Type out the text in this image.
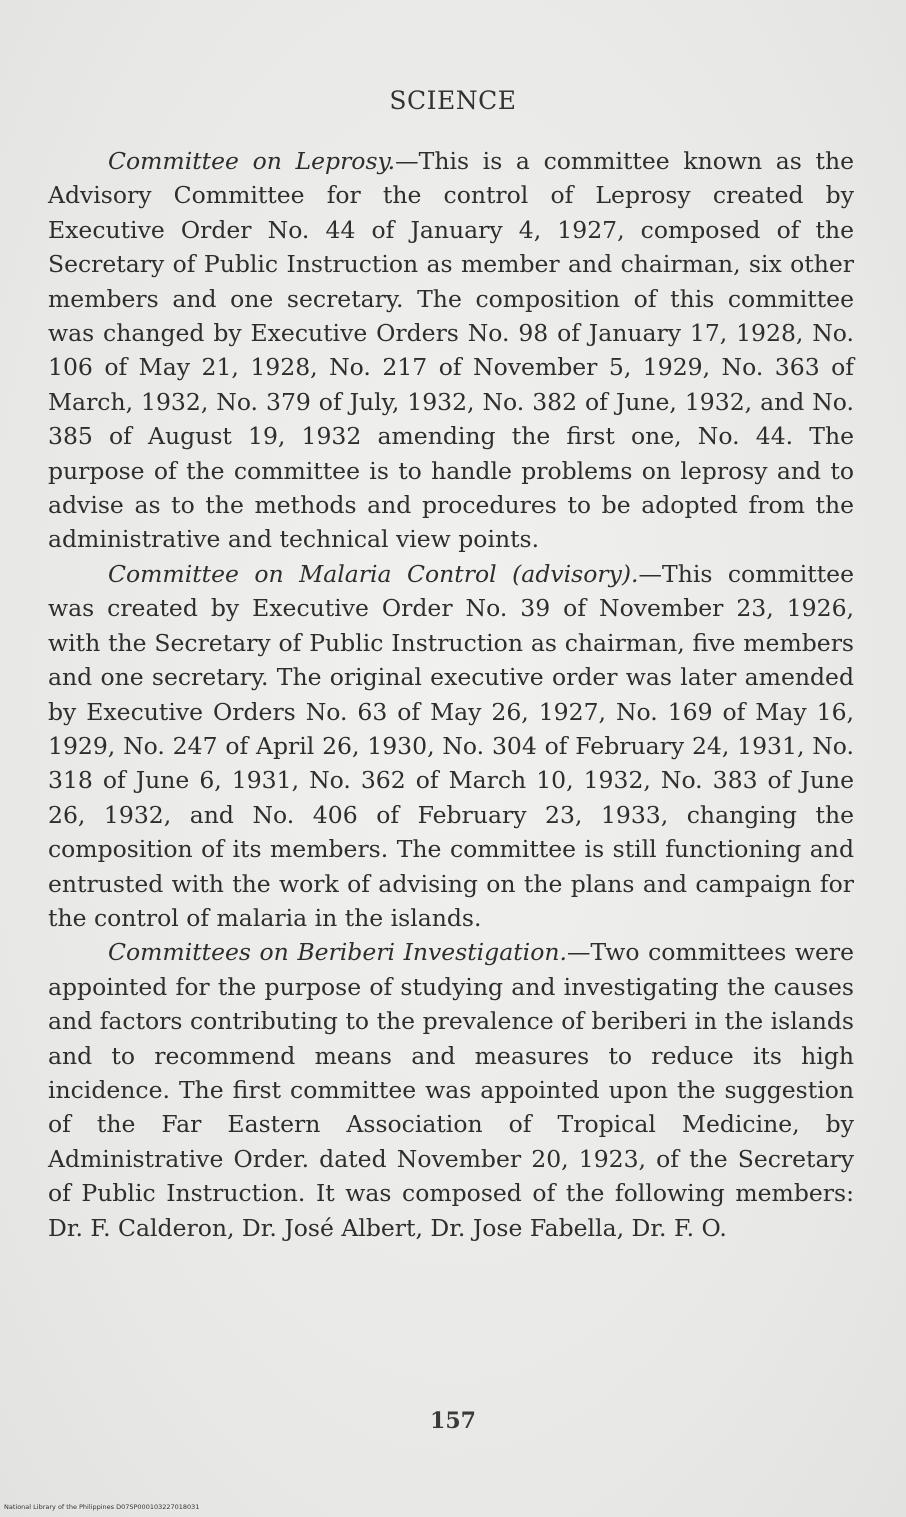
SCIENCE

Committee on Leprosy.—This is a committee known as the Advisory Committee for the control of Leprosy created by Executive Order No. 44 of January 4, 1927, composed of the Secretary of Public Instruction as member and chairman, six other members and one secretary. The composition of this committee was changed by Executive Orders No. 98 of January 17, 1928, No. 106 of May 21, 1928, No. 217 of November 5, 1929, No. 363 of March, 1932, No. 379 of July, 1932, No. 382 of June, 1932, and No. 385 of August 19, 1932 amending the first one, No. 44. The purpose of the committee is to handle problems on leprosy and to advise as to the methods and procedures to be adopted from the administrative and technical view points.

Committee on Malaria Control (advisory).—This committee was created by Executive Order No. 39 of November 23, 1926, with the Secretary of Public Instruction as chairman, five members and one secretary. The original executive order was later amended by Executive Orders No. 63 of May 26, 1927, No. 169 of May 16, 1929, No. 247 of April 26, 1930, No. 304 of February 24, 1931, No. 318 of June 6, 1931, No. 362 of March 10, 1932, No. 383 of June 26, 1932, and No. 406 of February 23, 1933, changing the composition of its members. The committee is still functioning and entrusted with the work of advising on the plans and campaign for the control of malaria in the islands.

Committees on Beriberi Investigation.—Two committees were appointed for the purpose of studying and investigating the causes and factors contributing to the prevalence of beriberi in the islands and to recommend means and measures to reduce its high incidence. The first committee was appointed upon the suggestion of the Far Eastern Association of Tropical Medicine, by Administrative Order. dated November 20, 1923, of the Secretary of Public Instruction. It was composed of the following members: Dr. F. Calderon, Dr. José Albert, Dr. Jose Fabella, Dr. F. O.

157
National Library of the Philippines D07SP000103227018031
